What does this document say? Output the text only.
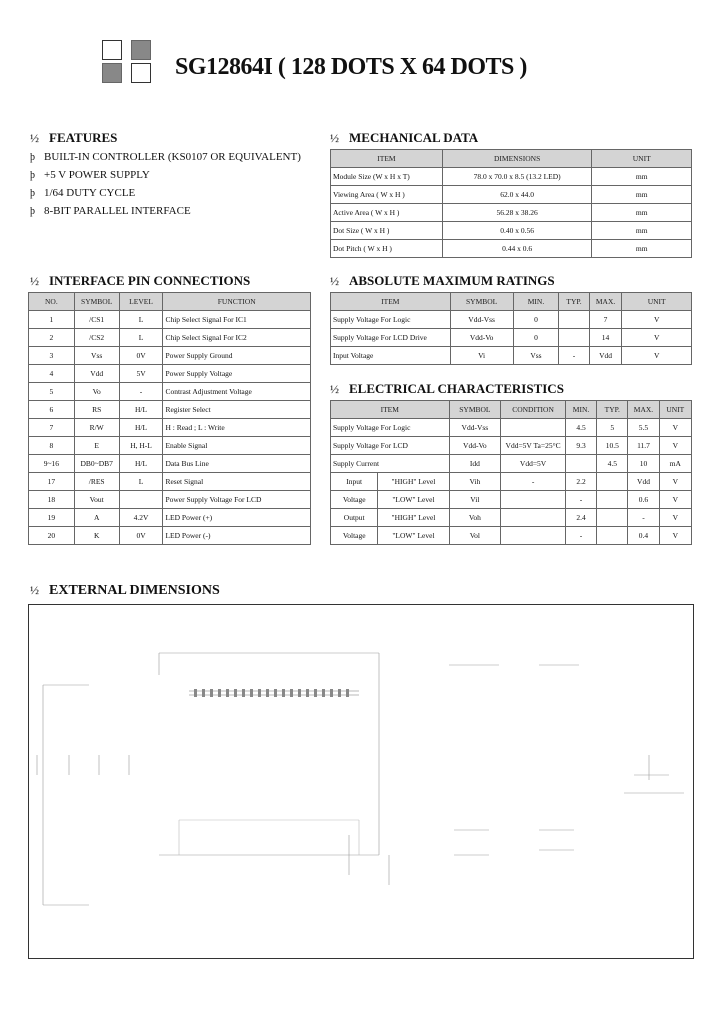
SG12864I ( 128 DOTS X 64 DOTS )
½ FEATURES
þ BUILT-IN CONTROLLER (KS0107 OR EQUIVALENT)
þ +5 V POWER SUPPLY
þ 1/64 DUTY CYCLE
þ 8-BIT PARALLEL INTERFACE
½ MECHANICAL DATA
ITEM	DIMENSIONS	UNIT
Module Size (W x H x T)	78.0 x 70.0 x 8.5 (13.2 LED)	mm
Viewing Area ( W x H )	62.0 x 44.0	mm
Active Area ( W x H )	56.28 x 38.26	mm
Dot Size ( W x H )	0.40 x 0.56	mm
Dot Pitch ( W x H )	0.44 x 0.6	mm
½ INTERFACE PIN CONNECTIONS
NO.	SYMBOL	LEVEL	FUNCTION
1	/CS1	L	Chip Select Signal For IC1
2	/CS2	L	Chip Select Signal For IC2
3	Vss	0V	Power Supply Ground
4	Vdd	5V	Power Supply Voltage
5	Vo	-	Contrast Adjustment Voltage
6	RS	H/L	Register Select
7	R/W	H/L	H : Read ; L : Write
8	E	H, H-L	Enable Signal
9~16	DB0~DB7	H/L	Data Bus Line
17	/RES	L	Reset Signal
18	Vout		Power Supply Voltage For LCD
19	A	4.2V	LED Power (+)
20	K	0V	LED Power (-)
½ ABSOLUTE MAXIMUM RATINGS
ITEM	SYMBOL	MIN.	TYP.	MAX.	UNIT
Supply Voltage For Logic	Vdd-Vss	0		7	V
Supply Voltage For LCD Drive	Vdd-Vo	0		14	V
Input Voltage	Vi	Vss	-	Vdd	V
½ ELECTRICAL CHARACTERISTICS
ITEM		SYMBOL	CONDITION	MIN.	TYP.	MAX.	UNIT
Supply Voltage For Logic		Vdd-Vss		4.5	5	5.5	V
Supply Voltage For LCD		Vdd-Vo	Vdd=5V Ta=25°C	9.3	10.5	11.7	V
Supply Current		Idd	Vdd=5V		4.5	10	mA
Input	"HIGH" Level	Vih	-	2.2		Vdd	V
Voltage	"LOW" Level	Vil		-		0.6	V
Output	"HIGH" Level	Voh		2.4		-	V
Voltage	"LOW" Level	Vol		-		0.4	V
½ EXTERNAL DIMENSIONS
